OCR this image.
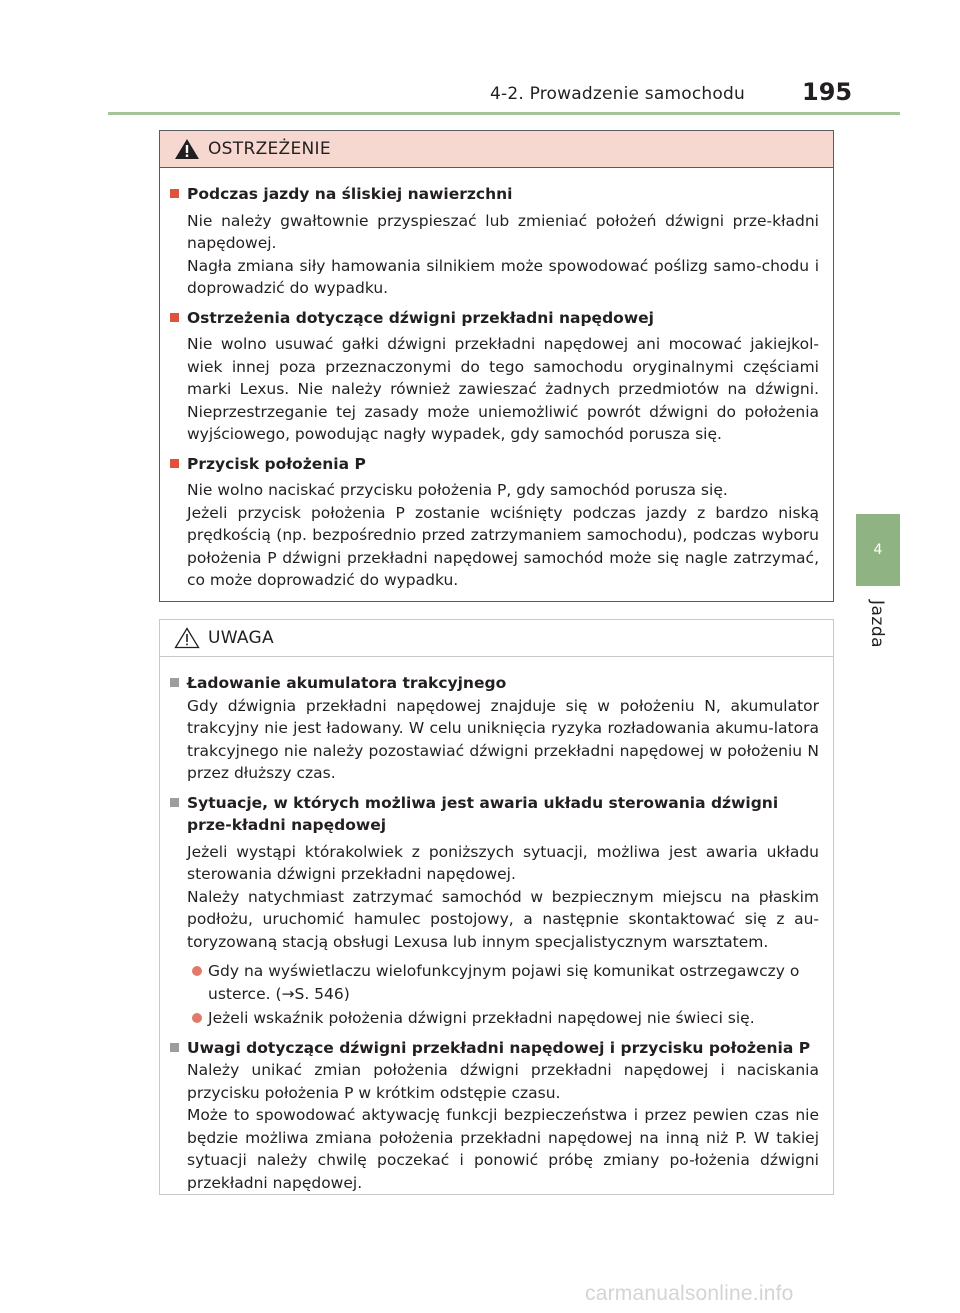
4-2. Prowadzenie samochodu 195
4
Jazda
OSTRZEŻENIE
Podczas jazdy na śliskiej nawierzchni

Nie należy gwałtownie przyspieszać lub zmieniać położeń dźwigni prze-kładni napędowej.

Nagła zmiana siły hamowania silnikiem może spowodować poślizg samo-chodu i doprowadzić do wypadku.

Ostrzeżenia dotyczące dźwigni przekładni napędowej

Nie wolno usuwać gałki dźwigni przekładni napędowej ani mocować jakiejkol-wiek innej poza przeznaczonymi do tego samochodu oryginalnymi częściami marki Lexus. Nie należy również zawieszać żadnych przedmiotów na dźwigni. Nieprzestrzeganie tej zasady może uniemożliwić powrót dźwigni do położenia wyjściowego, powodując nagły wypadek, gdy samochód porusza się.

Przycisk położenia P

Nie wolno naciskać przycisku położenia P, gdy samochód porusza się.

Jeżeli przycisk położenia P zostanie wciśnięty podczas jazdy z bardzo niską prędkością (np. bezpośrednio przed zatrzymaniem samochodu), podczas wyboru położenia P dźwigni przekładni napędowej samochód może się nagle zatrzymać, co może doprowadzić do wypadku.

UWAGA
Ładowanie akumulatora trakcyjnego

Gdy dźwignia przekładni napędowej znajduje się w położeniu N, akumulator trakcyjny nie jest ładowany. W celu uniknięcia ryzyka rozładowania akumu-latora trakcyjnego nie należy pozostawiać dźwigni przekładni napędowej w położeniu N przez dłuższy czas.

Sytuacje, w których możliwa jest awaria układu sterowania dźwigni prze-kładni napędowej

Jeżeli wystąpi którakolwiek z poniższych sytuacji, możliwa jest awaria układu sterowania dźwigni przekładni napędowej.

Należy natychmiast zatrzymać samochód w bezpiecznym miejscu na płaskim podłożu, uruchomić hamulec postojowy, a następnie skontaktować się z au-toryzowaną stacją obsługi Lexusa lub innym specjalistycznym warsztatem.

Gdy na wyświetlaczu wielofunkcyjnym pojawi się komunikat ostrzegawczy o usterce. (→S. 546)
Jeżeli wskaźnik położenia dźwigni przekładni napędowej nie świeci się.
Uwagi dotyczące dźwigni przekładni napędowej i przycisku położenia P

Należy unikać zmian położenia dźwigni przekładni napędowej i naciskania przycisku położenia P w krótkim odstępie czasu.

Może to spowodować aktywację funkcji bezpieczeństwa i przez pewien czas nie będzie możliwa zmiana położenia przekładni napędowej na inną niż P. W takiej sytuacji należy chwilę poczekać i ponowić próbę zmiany po-łożenia dźwigni przekładni napędowej.

carmanualsonline.info
